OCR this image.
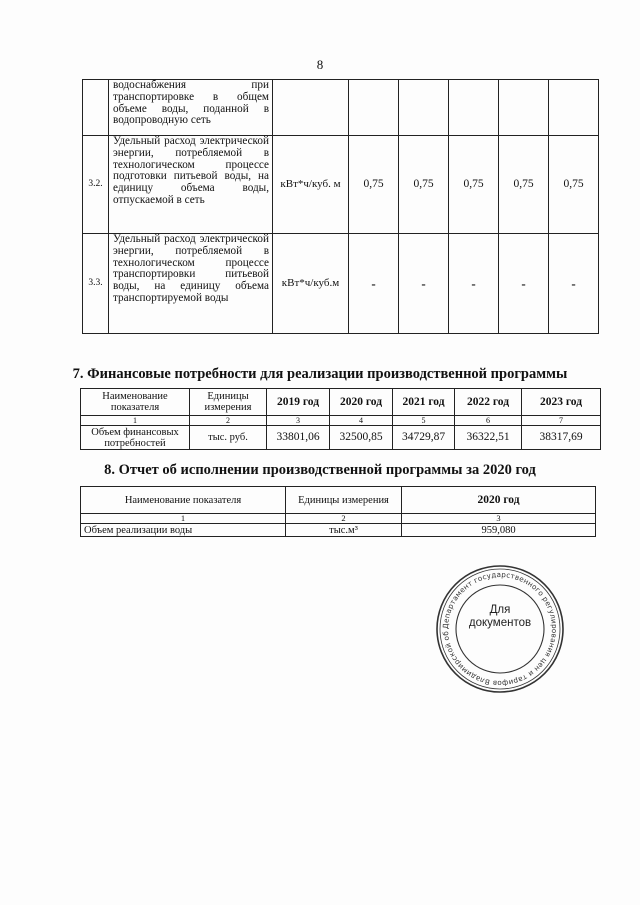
8
	водоснабжения при транспортировке в общем объеме воды, поданной в водопроводную сеть						
3.2.	Удельный расход электрической энергии, потребляемой в технологическом процессе подготовки питьевой воды, на единицу объема воды, отпускаемой в сеть	кВт*ч/куб. м	0,75	0,75	0,75	0,75	0,75
3.3.	Удельный расход электрической энергии, потребляемой в технологическом процессе транспортировки питьевой воды, на единицу объема транспортируемой воды	кВт*ч/куб.м	-	-	-	-	-
7. Финансовые потребности для реализации производственной программы
Наименование показателя	Единицы измерения	2019 год	2020 год	2021 год	2022 год	2023 год
1	2	3	4	5	6	7
Объем финансовых потребностей	тыс. руб.	33801,06	32500,85	34729,87	36322,51	38317,69
8. Отчет об исполнении производственной программы за 2020 год
Наименование показателя	Единицы измерения	2020 год
1	2	3
Объем реализации воды	тыс.м³	959,080
Департамент государственного регулирования цен и тарифов Владимирской об
Для
документов
